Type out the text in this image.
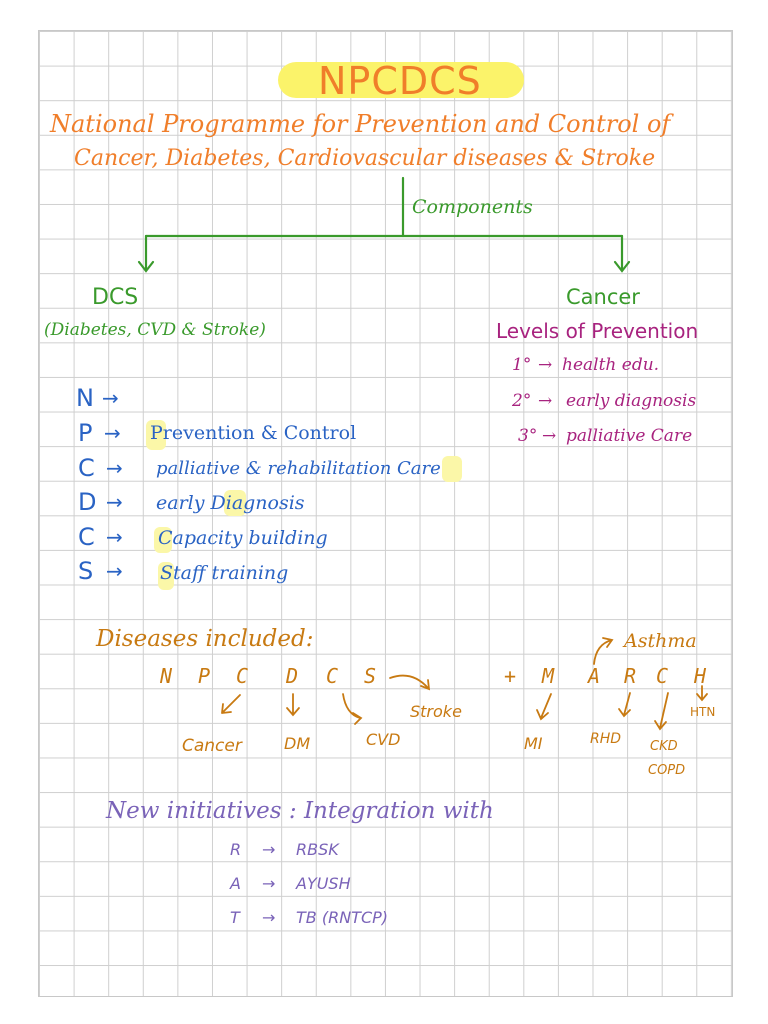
NPCDCS
National Programme for Prevention and Control of
Cancer, Diabetes, Cardiovascular diseases & Stroke
Components
DCS
(Diabetes, CVD & Stroke)
Cancer
Levels of Prevention
1° → health edu.
2° → early diagnosis
3° → palliative Care
N →
P → Prevention & Control
C → palliative & rehabilitation Care
D → early Diagnosis
C → Capacity building
S → Staff training
Diseases included:
N P C D C S	+ M A R C H
Asthma
Stroke	HTN
Cancer	DM	CVD	MI	RHD CKD
COPD
New initiatives : Integration with
R → RBSK
A → AYUSH
T → TB (RNTCP)
